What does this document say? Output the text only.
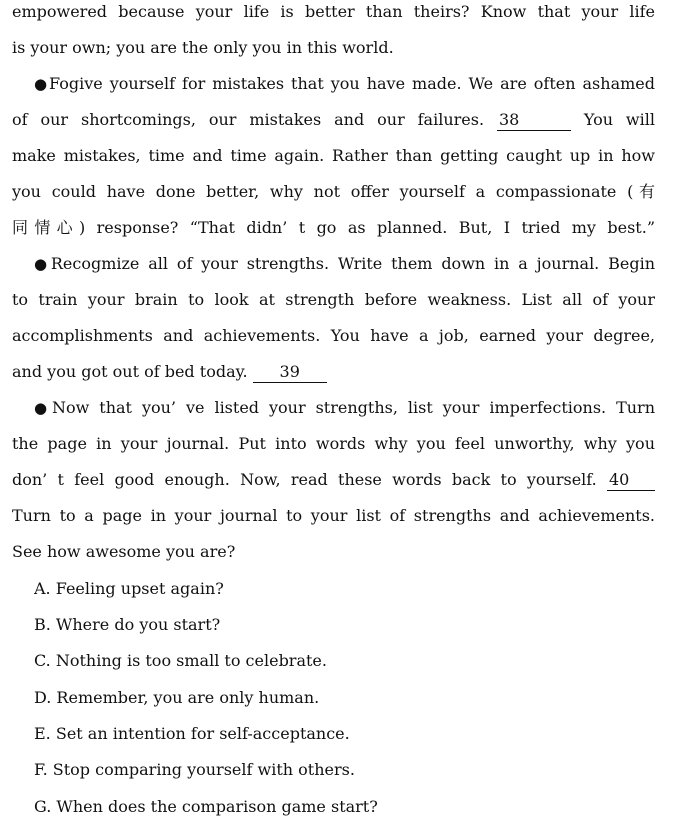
empowered because your life is better than theirs? Know that your life
is your own; you are the only you in this world.
●Fogive yourself for mistakes that you have made. We are often ashamed
of our shortcomings, our mistakes and our failures. 38	You will
make mistakes, time and time again. Rather than getting caught up in how
you could have done better, why not offer yourself a compassionate (有
同情心) response? “That didn’ t go as planned. But, I tried my best.”
●Recogmize all of your strengths. Write them down in a journal. Begin
to train your brain to look at strength before weakness. List all of your
accomplishments and achievements. You have a job, earned your degree,
and you got out of bed today. 39
●Now that you’ ve listed your strengths, list your imperfections. Turn
the page in your journal. Put into words why you feel unworthy, why you
don’ t feel good enough. Now, read these words back to yourself. 40
Turn to a page in your journal to your list of strengths and achievements.
See how awesome you are?
A. Feeling upset again?
B. Where do you start?
C. Nothing is too small to celebrate.
D. Remember, you are only human.
E. Set an intention for self-acceptance.
F. Stop comparing yourself with others.
G. When does the comparison game start?
